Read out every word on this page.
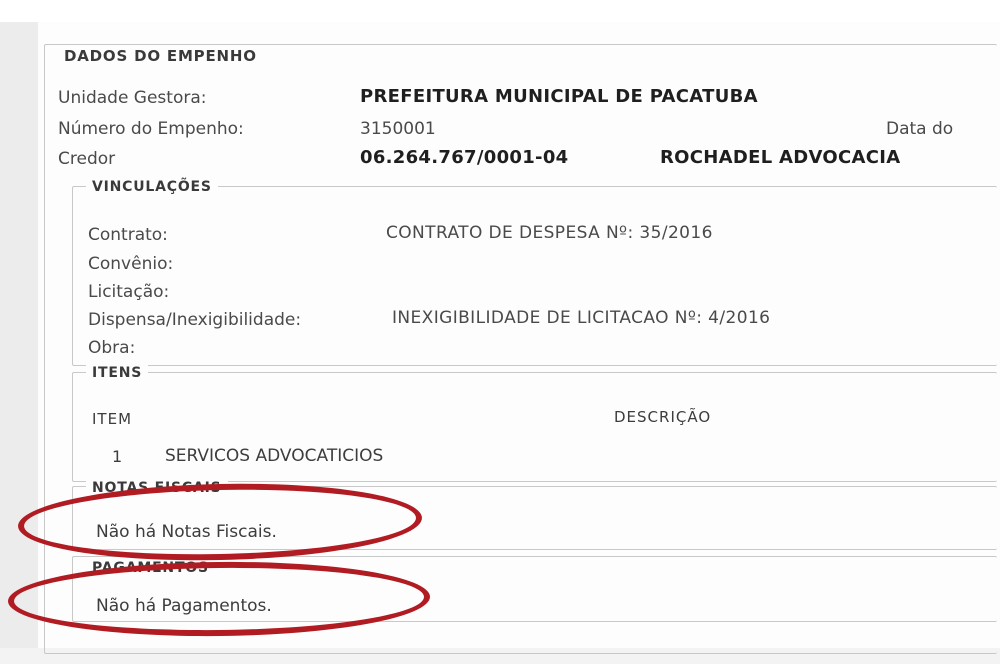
DADOS DO EMPENHO
Unidade Gestora:	PREFEITURA MUNICIPAL DE PACATUBA
Número do Empenho:	3150001	Data do
Credor	06.264.767/0001-04	ROCHADEL ADVOCACIA
VINCULAÇÕES
Contrato:	CONTRATO DE DESPESA Nº: 35/2016
Convênio:
Licitação:
Dispensa/Inexigibilidade:	INEXIGIBILIDADE DE LICITACAO Nº: 4/2016
Obra:
ITENS
ITEM	DESCRIÇÃO
1	SERVICOS ADVOCATICIOS
NOTAS FISCAIS
Não há Notas Fiscais.
PAGAMENTOS
Não há Pagamentos.
